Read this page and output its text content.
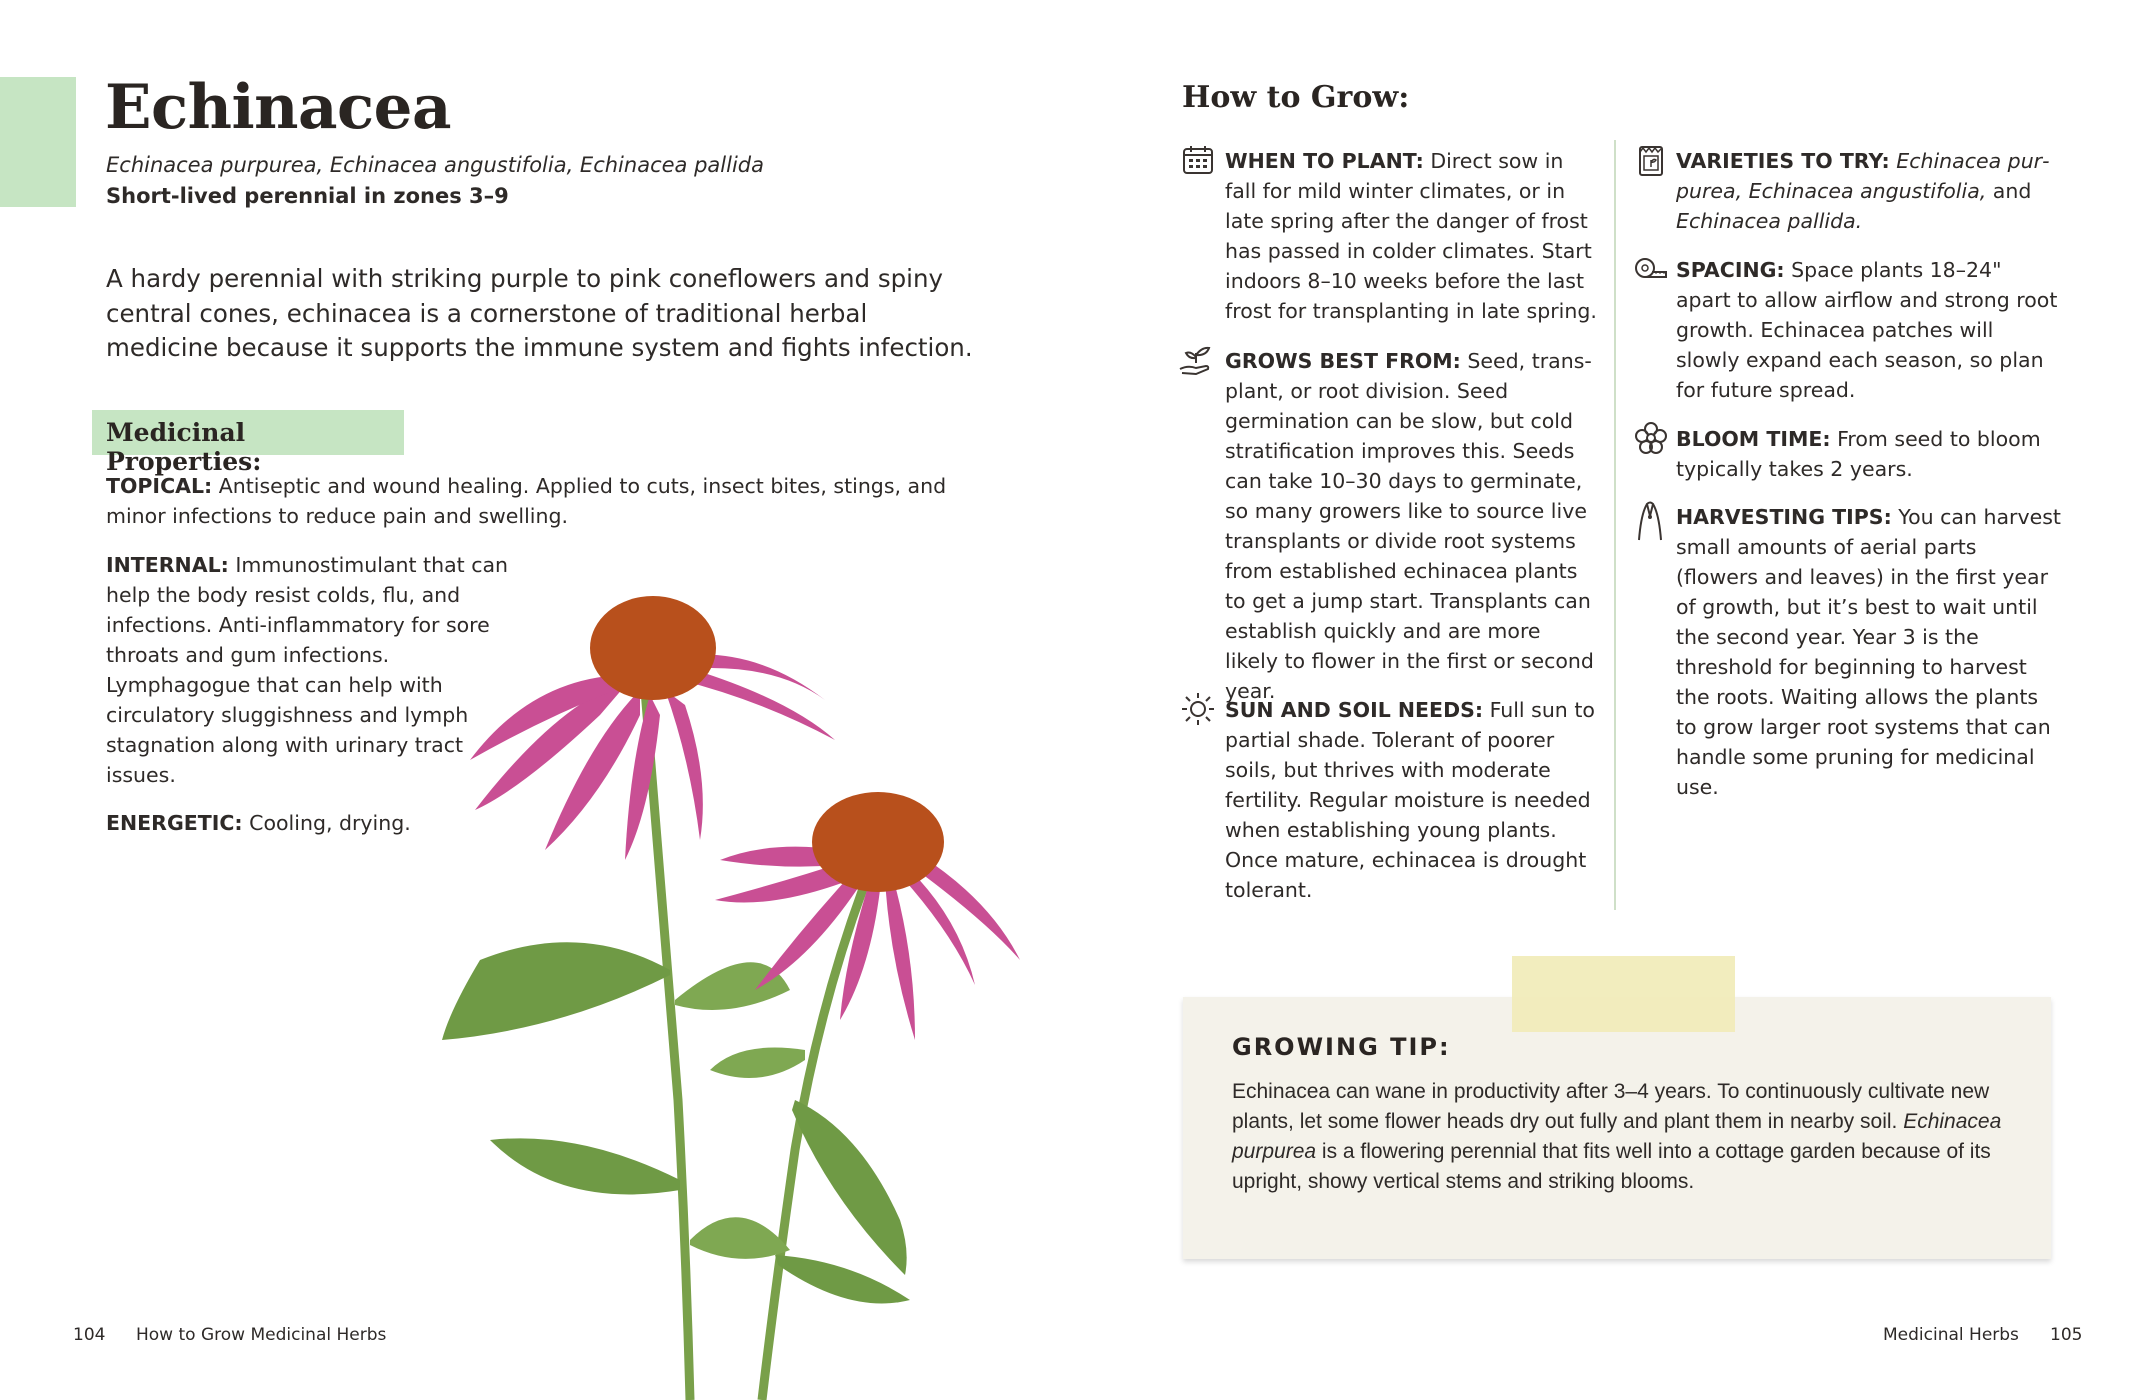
Echinacea
Echinacea purpurea, Echinacea angustifolia, Echinacea pallida
Short-lived perennial in zones 3–9

A hardy perennial with striking purple to pink coneflowers and spiny central cones, echinacea is a cornerstone of traditional herbal medicine because it supports the immune system and fights infection.

Medicinal Properties:

TOPICAL: Antiseptic and wound healing. Applied to cuts, insect bites, stings, and minor infections to reduce pain and swelling.

INTERNAL: Immunostimulant that can help the body resist colds, flu, and infections. Anti-inflammatory for sore throats and gum infections. Lymphagogue that can help with circulatory sluggishness and lymph stagnation along with urinary tract issues.

ENERGETIC: Cooling, drying.

104 How to Grow Medicinal Herbs
How to Grow:

WHEN TO PLANT: Direct sow in fall for mild winter climates, or in late spring after the danger of frost has passed in colder climates. Start indoors 8–10 weeks before the last frost for transplanting in late spring.

GROWS BEST FROM: Seed, transplant, or root division. Seed germination can be slow, but cold stratification improves this. Seeds can take 10–30 days to germinate, so many growers like to source live transplants or divide root systems from established echinacea plants to get a jump start. Transplants can establish quickly and are more likely to flower in the first or second year.

SUN AND SOIL NEEDS: Full sun to partial shade. Tolerant of poorer soils, but thrives with moderate fertility. Regular moisture is needed when establishing young plants. Once mature, echinacea is drought tolerant.

VARIETIES TO TRY: Echinacea purpurea, Echinacea angustifolia, and Echinacea pallida.

SPACING: Space plants 18–24" apart to allow airflow and strong root growth. Echinacea patches will slowly expand each season, so plan for future spread.

BLOOM TIME: From seed to bloom typically takes 2 years.

HARVESTING TIPS: You can harvest small amounts of aerial parts (flowers and leaves) in the first year of growth, but it’s best to wait until the second year. Year 3 is the threshold for beginning to harvest the roots. Waiting allows the plants to grow larger root systems that can handle some pruning for medicinal use.

GROWING TIP:

Echinacea can wane in productivity after 3–4 years. To continuously cultivate new plants, let some flower heads dry out fully and plant them in nearby soil. Echinacea purpurea is a flowering perennial that fits well into a cottage garden because of its upright, showy vertical stems and striking blooms.

Medicinal Herbs 105
